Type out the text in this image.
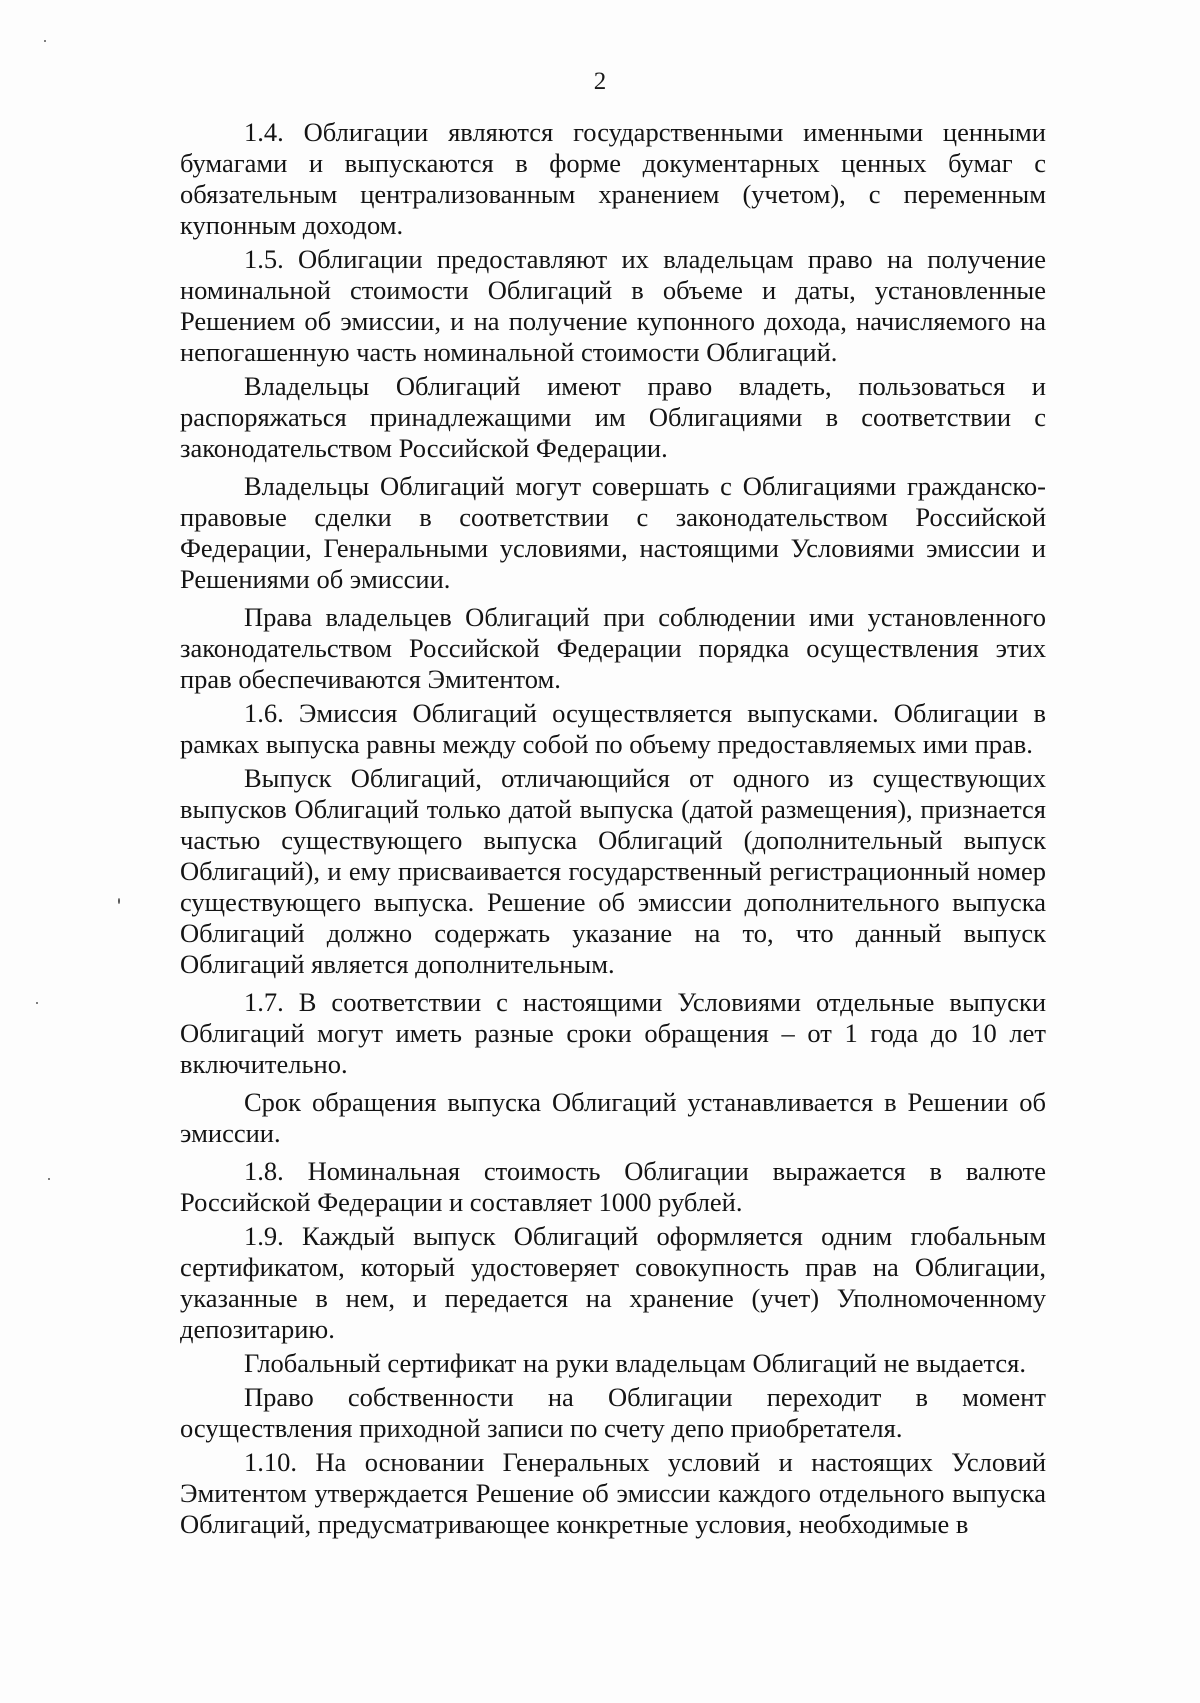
2

1.4. Облигации являются государственными именными ценными бумагами и выпускаются в форме документарных ценных бумаг с обязательным централизованным хранением (учетом), с переменным купонным доходом.

1.5. Облигации предоставляют их владельцам право на получение номинальной стоимости Облигаций в объеме и даты, установленные Решением об эмиссии, и на получение купонного дохода, начисляемого на непогашенную часть номинальной стоимости Облигаций.

Владельцы Облигаций имеют право владеть, пользоваться и распоряжаться принадлежащими им Облигациями в соответствии с законодательством Российской Федерации.

Владельцы Облигаций могут совершать с Облигациями гражданско-правовые сделки в соответствии с законодательством Российской Федерации, Генеральными условиями, настоящими Условиями эмиссии и Решениями об эмиссии.

Права владельцев Облигаций при соблюдении ими установленного законодательством Российской Федерации порядка осуществления этих прав обеспечиваются Эмитентом.

1.6. Эмиссия Облигаций осуществляется выпусками. Облигации в рамках выпуска равны между собой по объему предоставляемых ими прав.

Выпуск Облигаций, отличающийся от одного из существующих выпусков Облигаций только датой выпуска (датой размещения), признается частью существующего выпуска Облигаций (дополнительный выпуск Облигаций), и ему присваивается государственный регистрационный номер существующего выпуска. Решение об эмиссии дополнительного выпуска Облигаций должно содержать указание на то, что данный выпуск Облигаций является дополнительным.

1.7. В соответствии с настоящими Условиями отдельные выпуски Облигаций могут иметь разные сроки обращения – от 1 года до 10 лет включительно.

Срок обращения выпуска Облигаций устанавливается в Решении об эмиссии.

1.8. Номинальная стоимость Облигации выражается в валюте Российской Федерации и составляет 1000 рублей.

1.9. Каждый выпуск Облигаций оформляется одним глобальным сертификатом, который удостоверяет совокупность прав на Облигации, указанные в нем, и передается на хранение (учет) Уполномоченному депозитарию.

Глобальный сертификат на руки владельцам Облигаций не выдается.

Право собственности на Облигации переходит в момент осуществления приходной записи по счету депо приобретателя.

1.10. На основании Генеральных условий и настоящих Условий Эмитентом утверждается Решение об эмиссии каждого отдельного выпуска Облигаций, предусматривающее конкретные условия, необходимые в
